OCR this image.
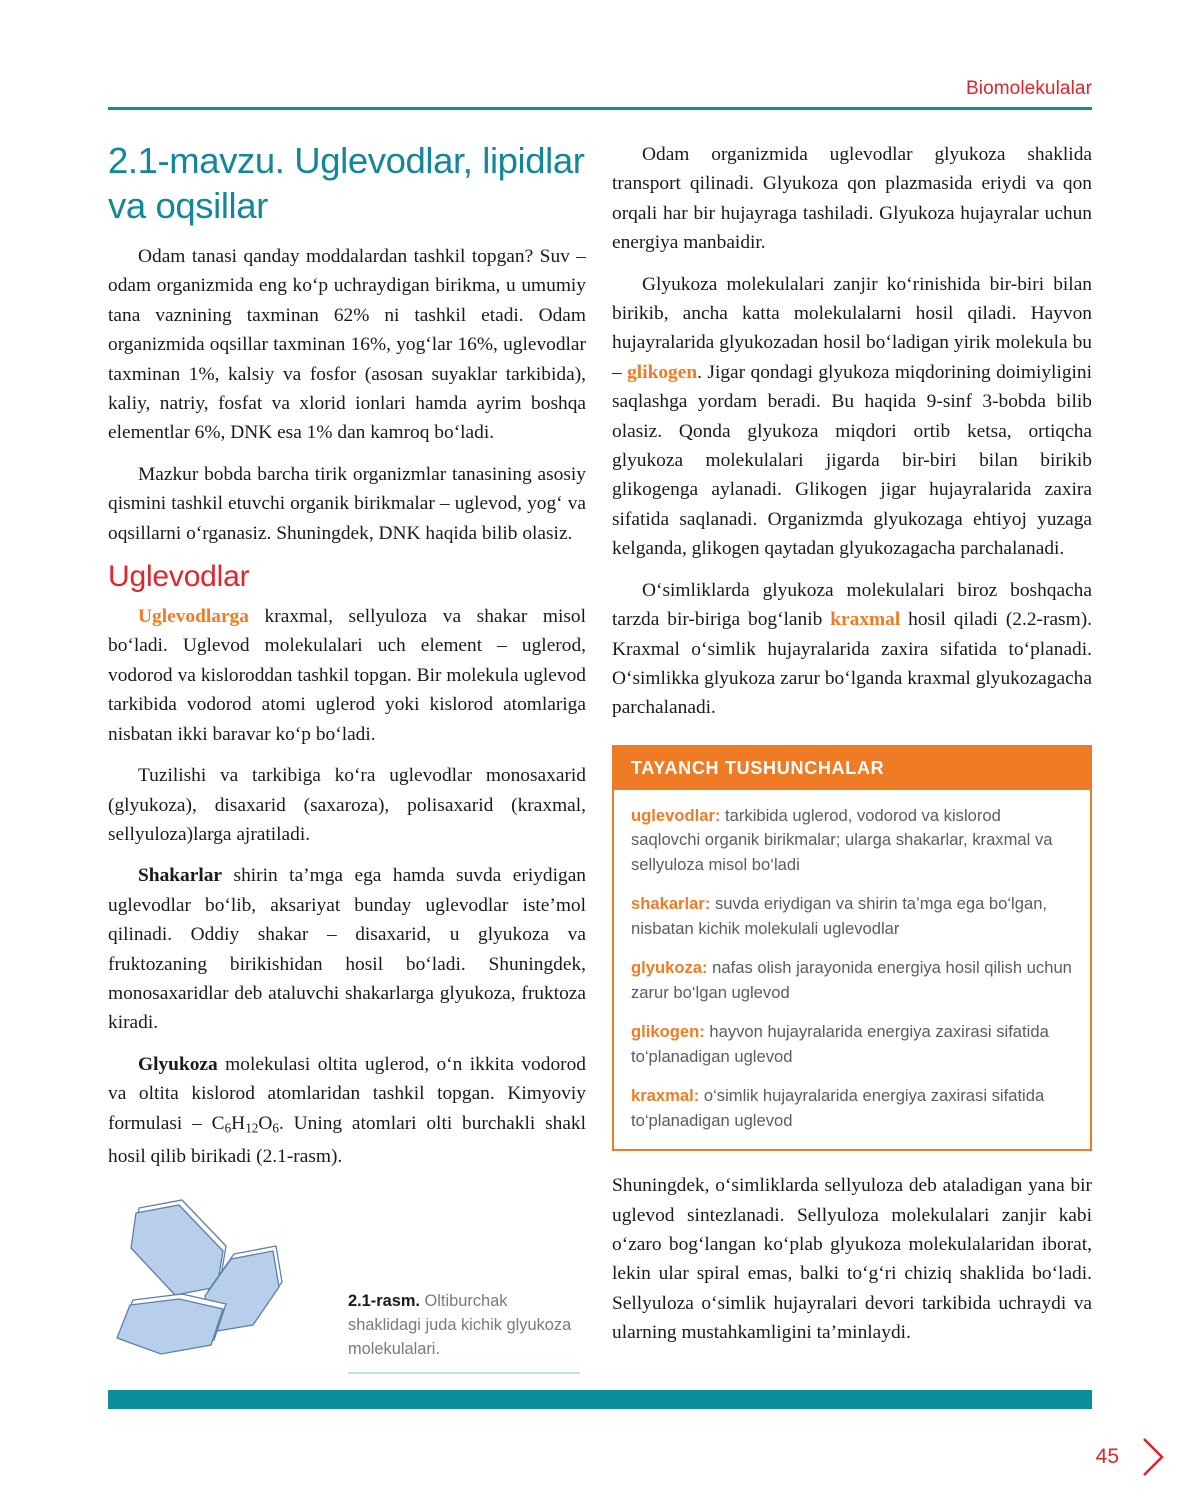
Biomolekulalar
2.1-mavzu. Uglevodlar, lipidlar va oqsillar

Odam tanasi qanday moddalardan tashkil topgan? Suv – odam organizmida eng ko‘p uchraydigan birikma, u umumiy tana vaznining taxminan 62% ni tashkil etadi. Odam organizmida oqsillar taxminan 16%, yog‘lar 16%, uglevodlar taxminan 1%, kalsiy va fosfor (asosan suyaklar tarkibida), kaliy, natriy, fosfat va xlorid ionlari hamda ayrim boshqa elementlar 6%, DNK esa 1% dan kamroq bo‘ladi.

Mazkur bobda barcha tirik organizmlar tanasining asosiy qismini tashkil etuvchi organik birikmalar – uglevod, yog‘ va oqsillarni o‘rganasiz. Shuningdek, DNK haqida bilib olasiz.

Uglevodlar

Uglevodlarga kraxmal, sellyuloza va shakar misol bo‘ladi. Uglevod molekulalari uch element – uglerod, vodorod va kisloroddan tashkil topgan. Bir molekula uglevod tarkibida vodorod atomi uglerod yoki kislorod atomlariga nisbatan ikki baravar ko‘p bo‘ladi.

Tuzilishi va tarkibiga ko‘ra uglevodlar monosaxarid (glyukoza), disaxarid (saxaroza), polisaxarid (kraxmal, sellyuloza)larga ajratiladi.

Shakarlar shirin ta’mga ega hamda suvda eriydigan uglevodlar bo‘lib, aksariyat bunday uglevodlar iste’mol qilinadi. Oddiy shakar – disaxarid, u glyukoza va fruktozaning birikishidan hosil bo‘ladi. Shuningdek, monosaxaridlar deb ataluvchi shakarlarga glyukoza, fruktoza kiradi.

Glyukoza molekulasi oltita uglerod, o‘n ikkita vodorod va oltita kislorod atomlaridan tashkil topgan. Kimyoviy formulasi – $C_6H_{12}O_6$. Uning atomlari olti burchakli shakl hosil qilib birikadi (2.1-rasm).

2.1-rasm. Oltiburchak shaklidagi juda kichik glyukoza molekulalari.

Odam organizmida uglevodlar glyukoza shaklida transport qilinadi. Glyukoza qon plazmasida eriydi va qon orqali har bir hujayraga tashiladi. Glyukoza hujayralar uchun energiya manbaidir.

Glyukoza molekulalari zanjir ko‘rinishida bir-biri bilan birikib, ancha katta molekulalarni hosil qiladi. Hayvon hujayralarida glyukozadan hosil bo‘ladigan yirik molekula bu – glikogen. Jigar qondagi glyukoza miqdorining doimiyligini saqlashga yordam beradi. Bu haqida 9-sinf 3-bobda bilib olasiz. Qonda glyukoza miqdori ortib ketsa, ortiqcha glyukoza molekulalari jigarda bir-biri bilan birikib glikogenga aylanadi. Glikogen jigar hujayralarida zaxira sifatida saqlanadi. Organizmda glyukozaga ehtiyoj yuzaga kelganda, glikogen qaytadan glyukozagacha parchalanadi.

O‘simliklarda glyukoza molekulalari biroz boshqacha tarzda bir-biriga bog‘lanib kraxmal hosil qiladi (2.2-rasm). Kraxmal o‘simlik hujayralarida zaxira sifatida to‘planadi. O‘simlikka glyukoza zarur bo‘lganda kraxmal glyukozagacha parchalanadi.

TAYANCH TUSHUNCHALAR
uglevodlar: tarkibida uglerod, vodorod va kislorod saqlovchi organik birikmalar; ularga shakarlar, kraxmal va sellyuloza misol bo‘ladi
shakarlar: suvda eriydigan va shirin ta’mga ega bo‘lgan, nisbatan kichik molekulali uglevodlar
glyukoza: nafas olish jarayonida energiya hosil qilish uchun zarur bo‘lgan uglevod
glikogen: hayvon hujayralarida energiya zaxirasi sifatida to‘planadigan uglevod
kraxmal: o‘simlik hujayralarida energiya zaxirasi sifatida to‘planadigan uglevod

Shuningdek, o‘simliklarda sellyuloza deb ataladigan yana bir uglevod sintezlanadi. Sellyuloza molekulalari zanjir kabi o‘zaro bog‘langan ko‘plab glyukoza molekulalaridan iborat, lekin ular spiral emas, balki to‘g‘ri chiziq shaklida bo‘ladi. Sellyuloza o‘simlik hujayralari devori tarkibida uchraydi va ularning mustahkamligini ta’minlaydi.

45
